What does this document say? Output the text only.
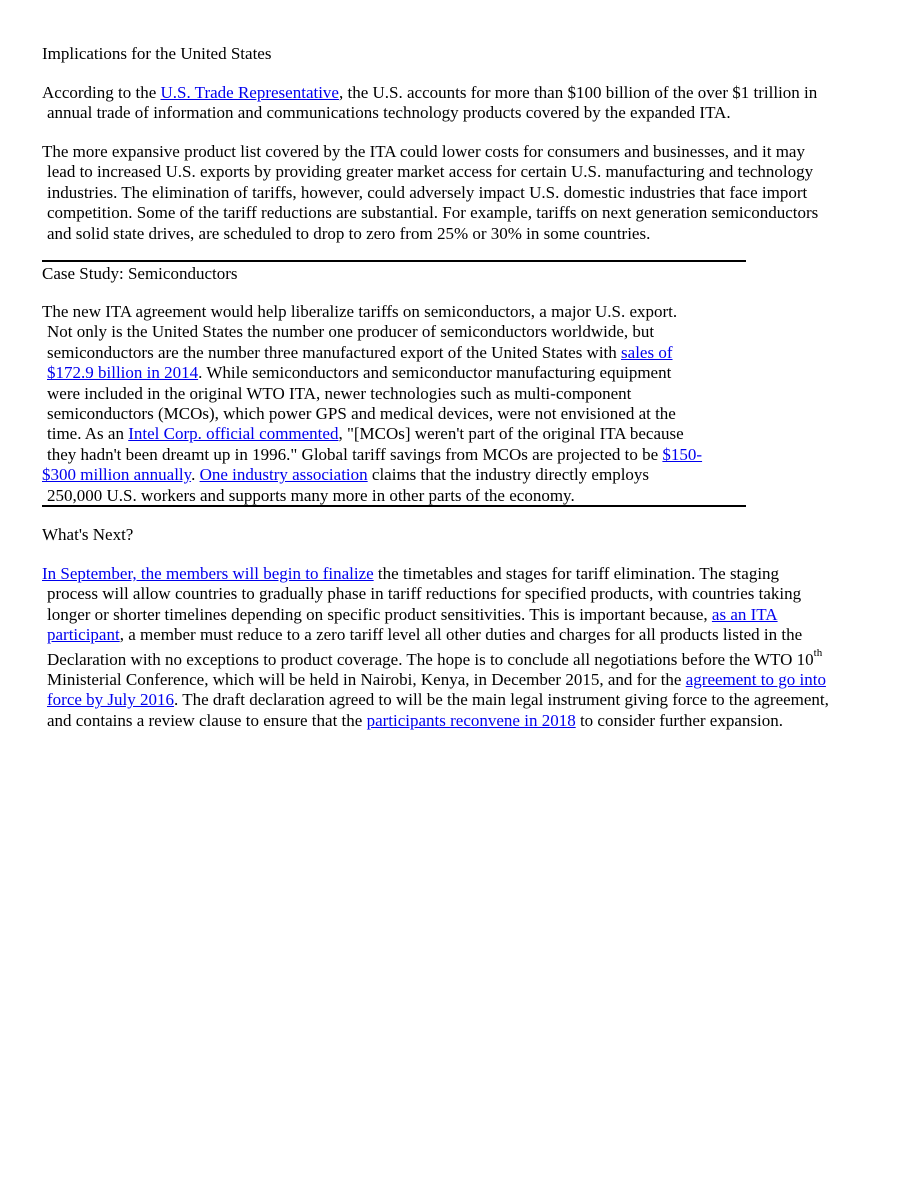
Implications for the United States
According to the U.S. Trade Representative, the U.S. accounts for more than $100 billion of the over $1 trillion in
annual trade of information and communications technology products covered by the expanded ITA.
The more expansive product list covered by the ITA could lower costs for consumers and businesses, and it may
lead to increased U.S. exports by providing greater market access for certain U.S. manufacturing and technology
industries. The elimination of tariffs, however, could adversely impact U.S. domestic industries that face import
competition. Some of the tariff reductions are substantial. For example, tariffs on next generation semiconductors
and solid state drives, are scheduled to drop to zero from 25% or 30% in some countries.
Case Study: Semiconductors
The new ITA agreement would help liberalize tariffs on semiconductors, a major U.S. export.
Not only is the United States the number one producer of semiconductors worldwide, but
semiconductors are the number three manufactured export of the United States with sales of
$172.9 billion in 2014. While semiconductors and semiconductor manufacturing equipment
were included in the original WTO ITA, newer technologies such as multi-component
semiconductors (MCOs), which power GPS and medical devices, were not envisioned at the
time. As an Intel Corp. official commented, "[MCOs] weren't part of the original ITA because
they hadn't been dreamt up in 1996." Global tariff savings from MCOs are projected to be $150-
$300 million annually. One industry association claims that the industry directly employs
250,000 U.S. workers and supports many more in other parts of the economy.
What's Next?
In September, the members will begin to finalize the timetables and stages for tariff elimination. The staging
process will allow countries to gradually phase in tariff reductions for specified products, with countries taking
longer or shorter timelines depending on specific product sensitivities. This is important because, as an ITA
participant, a member must reduce to a zero tariff level all other duties and charges for all products listed in the
Declaration with no exceptions to product coverage. The hope is to conclude all negotiations before the WTO 10th
Ministerial Conference, which will be held in Nairobi, Kenya, in December 2015, and for the agreement to go into
force by July 2016. The draft declaration agreed to will be the main legal instrument giving force to the agreement,
and contains a review clause to ensure that the participants reconvene in 2018 to consider further expansion.
